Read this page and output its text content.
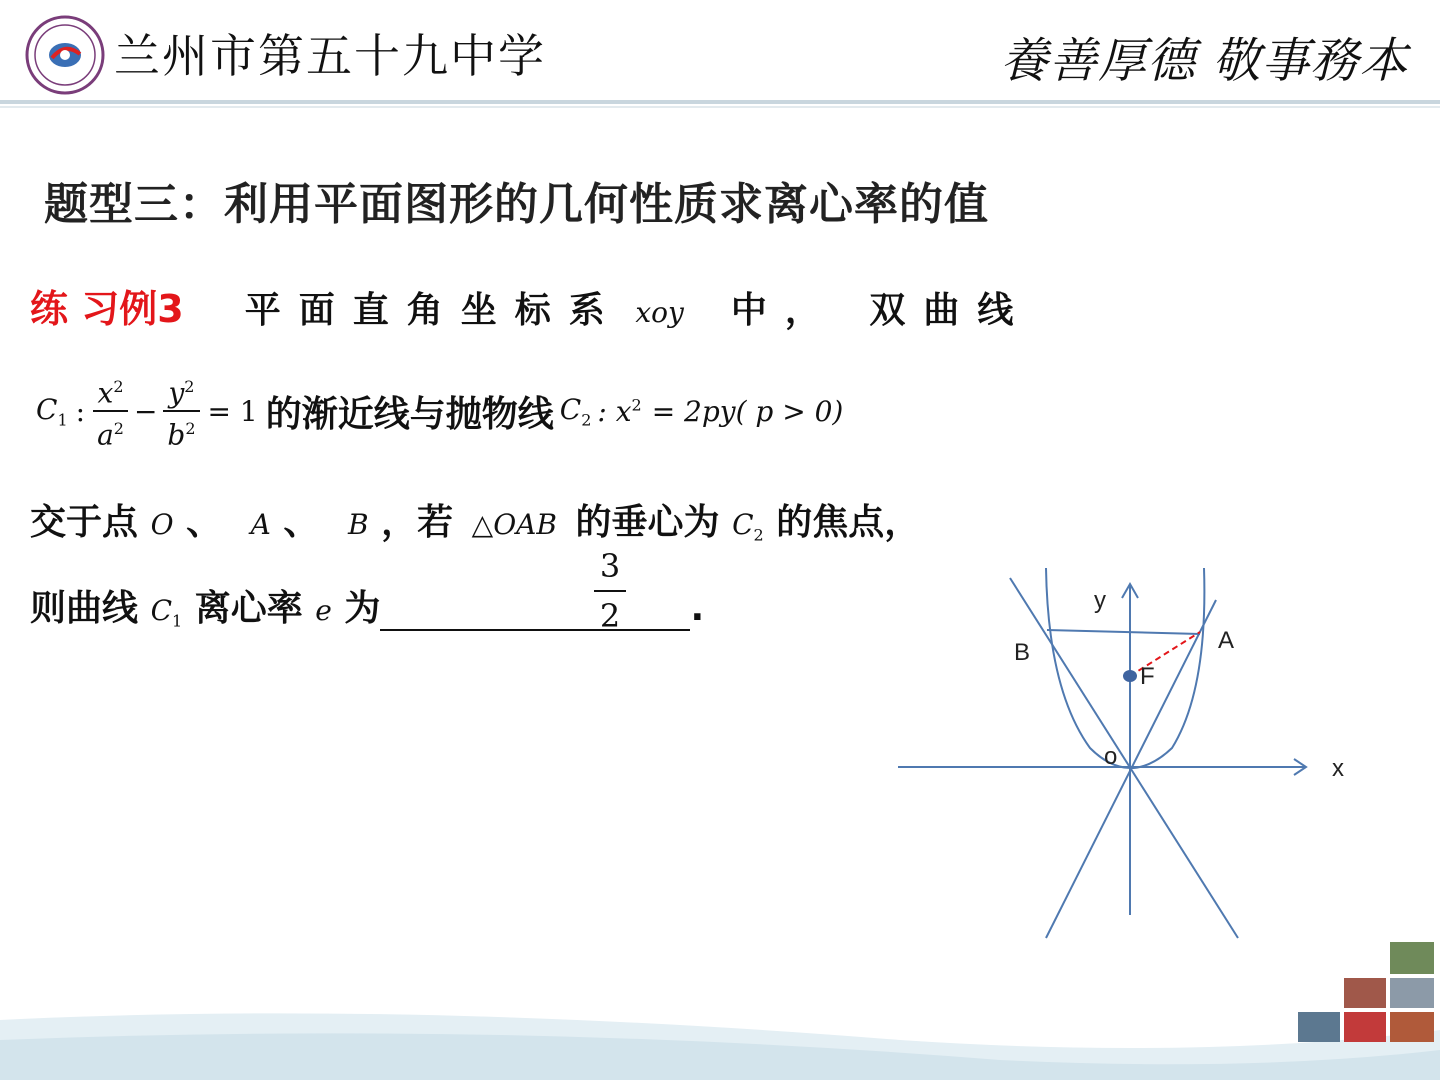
兰州市第五十九中学	養善厚德 敬事務本
题型三：利用平面图形的几何性质求离心率的值
练 习例3 平面直角坐标系 xoy 中， 双曲线
$C_1$ : $\frac{x^2}{a^2} - \frac{y^2}{b^2} = 1$ 的渐近线与抛物线 $C_2$ : $x^2 = 2py$( p > 0)
交于点 O 、 A 、 B ，若 △OAB 的垂心为 $C_2$ 的焦点，
则曲线 $C_1$ 离心率 e 为	.
3
2	y
x
A
B
F
o
